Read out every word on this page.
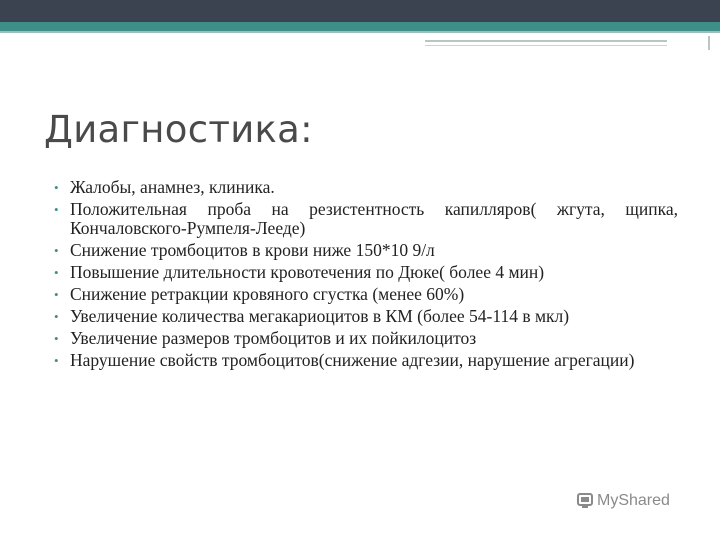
Диагностика:
• Жалобы, анамнез, клиника.
• Положительная проба на резистентность капилляров( жгута, щипка, Кончаловского-Румпеля-Лееде)
• Снижение тромбоцитов в крови ниже 150*10 9/л
• Повышение длительности кровотечения по Дюке( более 4 мин)
• Снижение ретракции кровяного сгустка (менее 60%)
• Увеличение количества мегакариоцитов в КМ (более 54-114 в мкл)
• Увеличение размеров тромбоцитов и их пойкилоцитоз
• Нарушение свойств тромбоцитов(снижение адгезии, нарушение агрегации)
MyShared
